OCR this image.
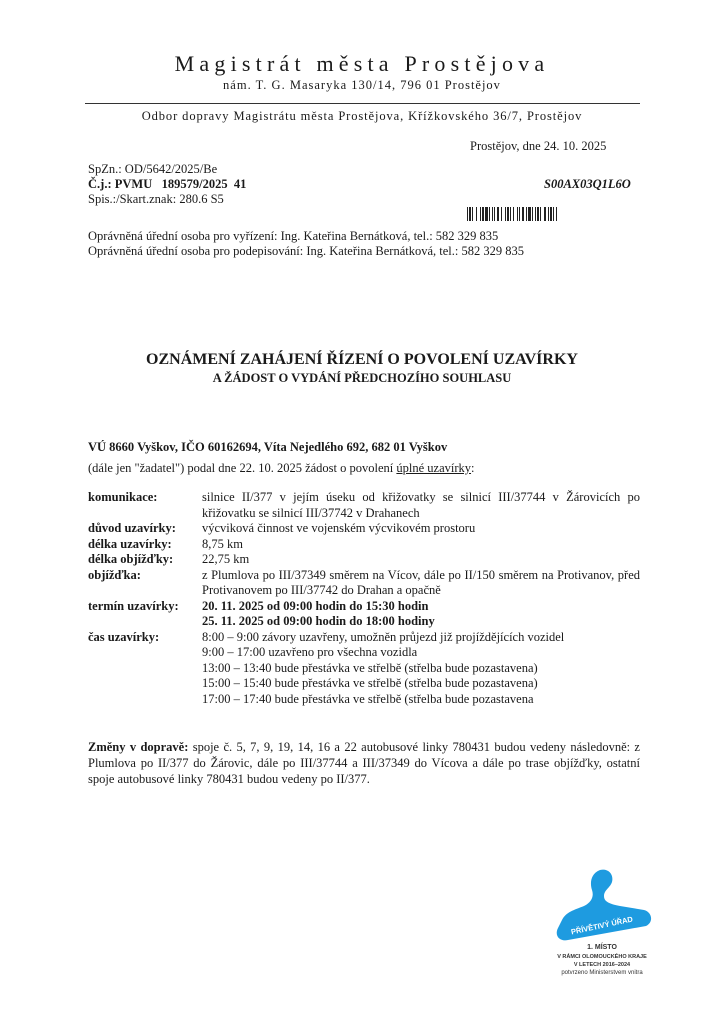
Magistrát města Prostějova
nám. T. G. Masaryka 130/14, 796 01 Prostějov
Odbor dopravy Magistrátu města Prostějova, Křížkovského 36/7, Prostějov
Prostějov, dne 24. 10. 2025
SpZn.: OD/5642/2025/Be
Č.j.: PVMU   189579/2025  41
Spis.:/Skart.znak: 280.6 S5
S00AX03Q1L6O
Oprávněná úřední osoba pro vyřízení: Ing. Kateřina Bernátková, tel.: 582 329 835
Oprávněná úřední osoba pro podepisování: Ing. Kateřina Bernátková, tel.: 582 329 835
OZNÁMENÍ ZAHÁJENÍ ŘÍZENÍ O POVOLENÍ UZAVÍRKY
A ŽÁDOST O VYDÁNÍ PŘEDCHOZÍHO SOUHLASU
VÚ 8660 Vyškov, IČO 60162694, Víta Nejedlého 692, 682 01 Vyškov
(dále jen "žadatel") podal dne 22. 10. 2025 žádost o povolení úplné uzavírky:
komunikace:	silnice II/377 v jejím úseku od křižovatky se silnicí III/37744 v Žárovicích po křižovatku se silnicí III/37742 v Drahanech
důvod uzavírky:	výcviková činnost ve vojenském výcvikovém prostoru
délka uzavírky:	8,75 km
délka objížďky:	22,75 km
objížďka:	z Plumlova po III/37349 směrem na Vícov, dále po II/150 směrem na Protivanov, před Protivanovem po III/37742 do Drahan a opačně
termín uzavírky:	20. 11. 2025 od 09:00 hodin do 15:30 hodin
25. 11. 2025 od 09:00 hodin do 18:00 hodiny
čas uzavírky:	8:00 – 9:00 závory uzavřeny, umožněn průjezd již projíždějících vozidel
9:00 – 17:00 uzavřeno pro všechna vozidla
13:00 – 13:40 bude přestávka ve střelbě (střelba bude pozastavena)
15:00 – 15:40 bude přestávka ve střelbě (střelba bude pozastavena)
17:00 – 17:40 bude přestávka ve střelbě (střelba bude pozastavena
Změny v dopravě: spoje č. 5, 7, 9, 19, 14, 16 a 22 autobusové linky 780431 budou vedeny následovně: z Plumlova po II/377 do Žárovic, dále po III/37744 a III/37349 do Vícova a dále po trase objížďky, ostatní spoje autobusové linky 780431 budou vedeny po II/377.
PŘÍVĚTIVÝ ÚŘAD
1. MÍSTO
V RÁMCI OLOMOUCKÉHO KRAJE
V LETECH 2016–2024
potvrzeno Ministerstvem vnitra
